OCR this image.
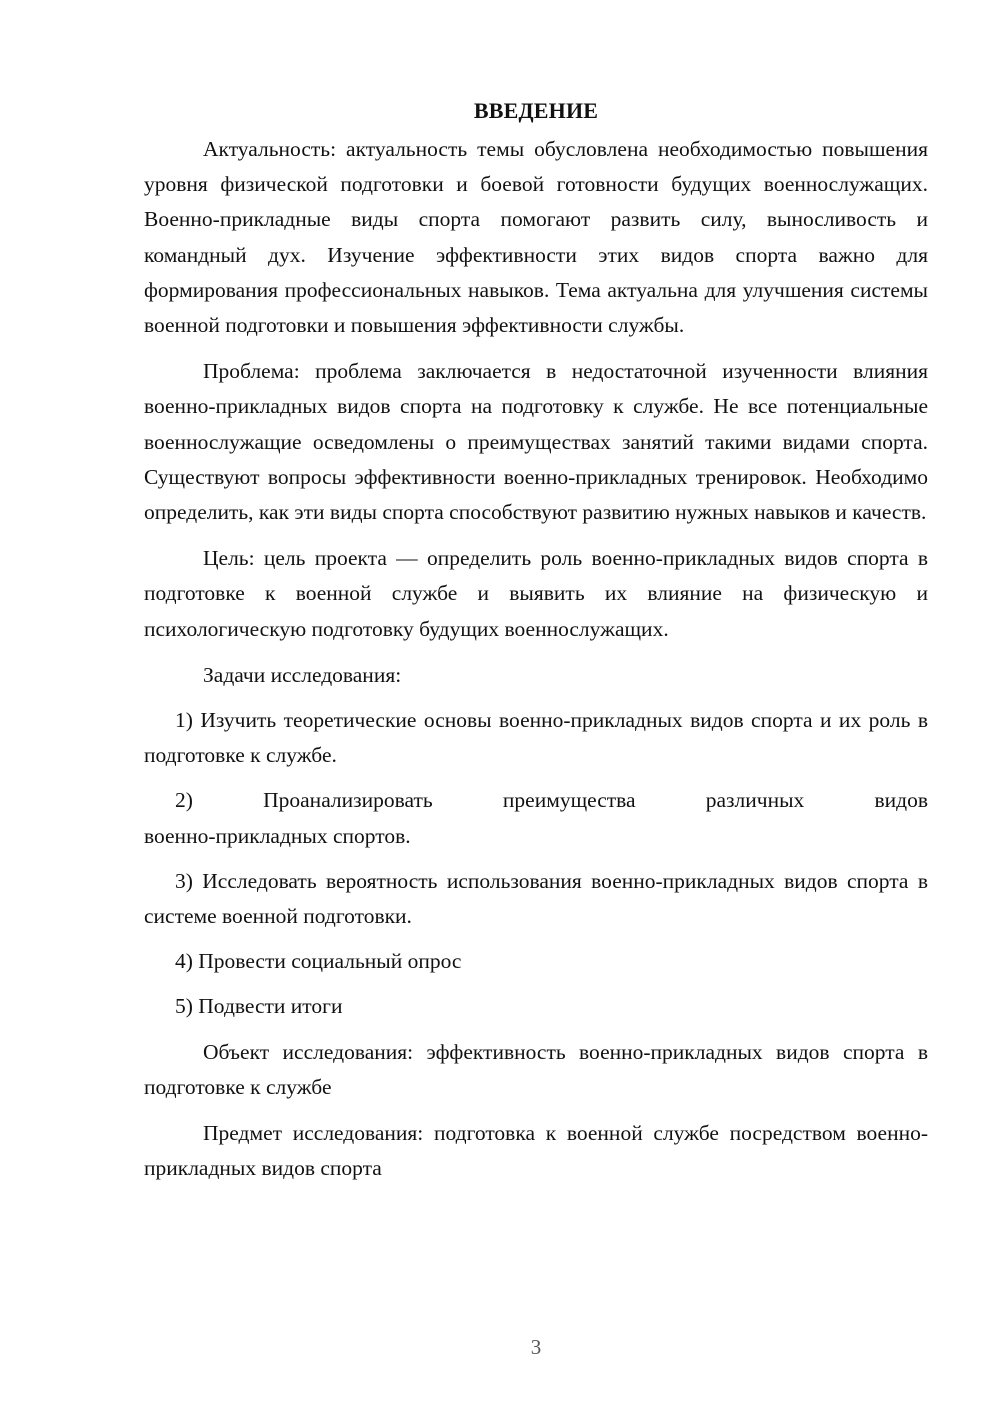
ВВЕДЕНИЕ

Актуальность: актуальность темы обусловлена необходимостью повышения уровня физической подготовки и боевой готовности будущих военнослужащих. Военно-прикладные виды спорта помогают развить силу, выносливость и командный дух. Изучение эффективности этих видов спорта важно для формирования профессиональных навыков. Тема актуальна для улучшения системы военной подготовки и повышения эффективности службы.

Проблема: проблема заключается в недостаточной изученности влияния военно-прикладных видов спорта на подготовку к службе. Не все потенциальные военнослужащие осведомлены о преимуществах занятий такими видами спорта. Существуют вопросы эффективности военно-прикладных тренировок. Необходимо определить, как эти виды спорта способствуют развитию нужных навыков и качеств.

Цель: цель проекта — определить роль военно-прикладных видов спорта в подготовке к военной службе и выявить их влияние на физическую и психологическую подготовку будущих военнослужащих.

Задачи исследования:

1) Изучить теоретические основы военно-прикладных видов спорта и их роль в подготовке к службе.

2) Проанализировать преимущества различных видов
военно-прикладных спортов.

3) Исследовать вероятность использования военно-прикладных видов спорта в системе военной подготовки.

4) Провести социальный опрос

5) Подвести итоги

Объект исследования: эффективность военно-прикладных видов спорта в подготовке к службе

Предмет исследования: подготовка к военной службе посредством военно-прикладных видов спорта

3
